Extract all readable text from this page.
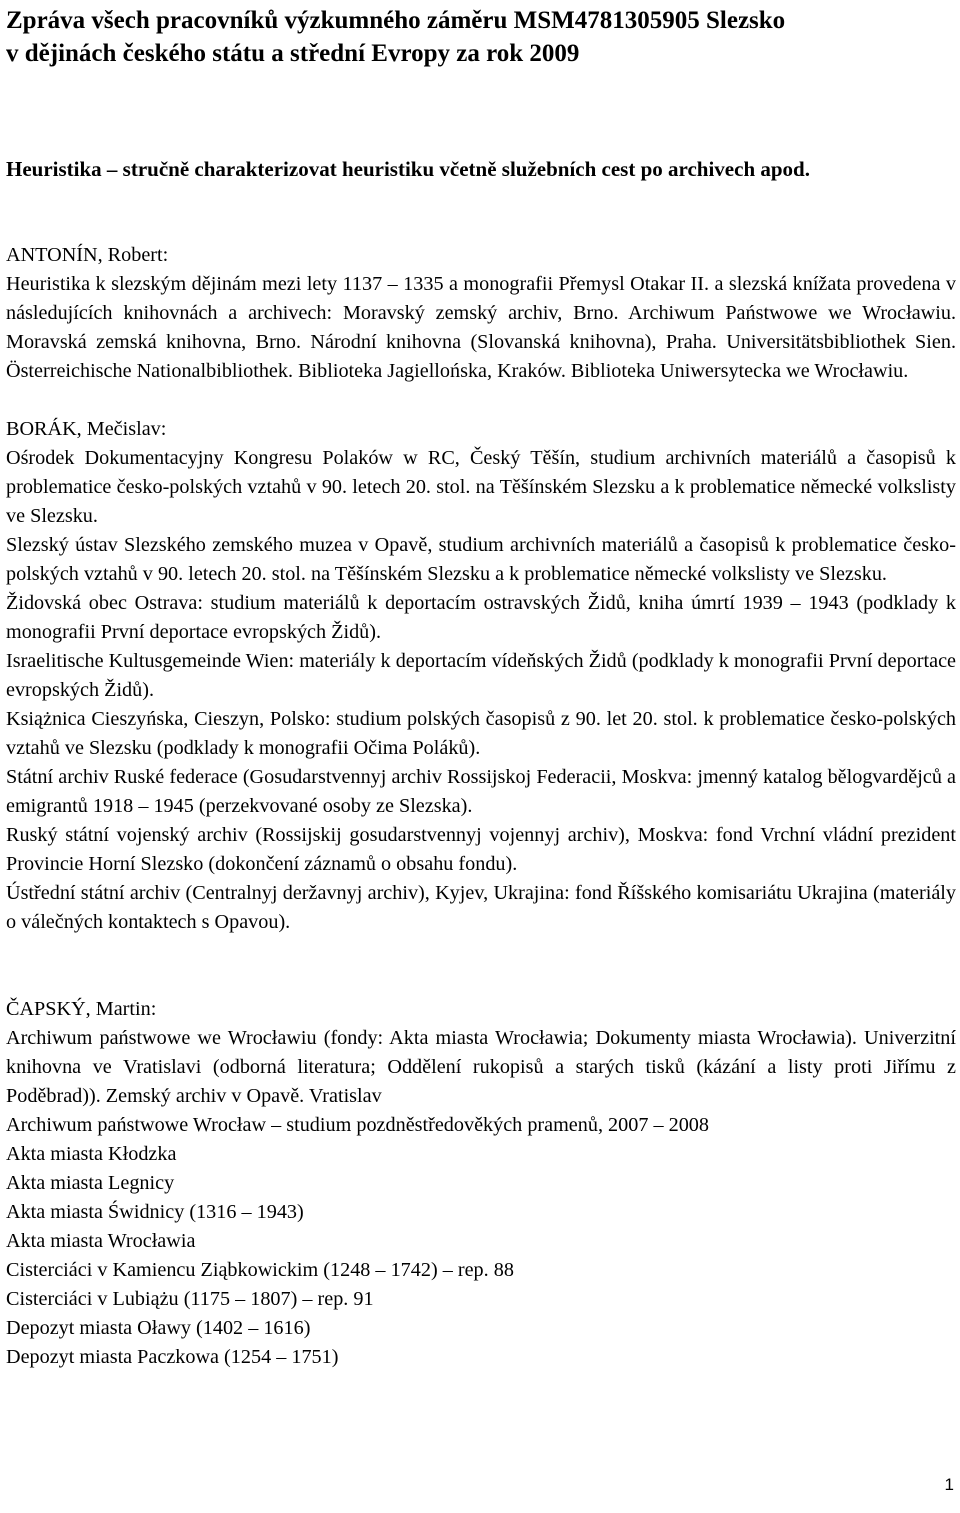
Zpráva všech pracovníků výzkumného záměru MSM4781305905 Slezsko
v dějinách českého státu a střední Evropy za rok 2009

Heuristika – stručně charakterizovat heuristiku včetně služebních cest po archivech apod.

ANTONÍN, Robert:

Heuristika k slezským dějinám mezi lety 1137 – 1335 a monografii Přemysl Otakar II. a slezská knížata provedena v následujících knihovnách a archivech: Moravský zemský archiv, Brno. Archiwum Państwowe we Wrocławiu. Moravská zemská knihovna, Brno. Národní knihovna (Slovanská knihovna), Praha. Universitätsbibliothek Sien. Österreichische Nationalbibliothek. Biblioteka Jagiellońska, Kraków. Biblioteka Uniwersytecka we Wrocławiu.

BORÁK, Mečislav:

Ośrodek Dokumentacyjny Kongresu Polaków w RC, Český Těšín, studium archivních materiálů a časopisů k problematice česko-polských vztahů v 90. letech 20. stol. na Těšínském Slezsku a k problematice německé volkslisty ve Slezsku.

Slezský ústav Slezského zemského muzea v Opavě, studium archivních materiálů a časopisů k problematice česko-polských vztahů v 90. letech 20. stol. na Těšínském Slezsku a k problematice německé volkslisty ve Slezsku.

Židovská obec Ostrava: studium materiálů k deportacím ostravských Židů, kniha úmrtí 1939 – 1943 (podklady k monografii První deportace evropských Židů).

Israelitische Kultusgemeinde Wien: materiály k deportacím vídeňských Židů (podklady k monografii První deportace evropských Židů).

Książnica Cieszyńska, Cieszyn, Polsko: studium polských časopisů z 90. let 20. stol. k problematice česko-polských vztahů ve Slezsku (podklady k monografii Očima Poláků).

Státní archiv Ruské federace (Gosudarstvennyj archiv Rossijskoj Federacii, Moskva: jmenný katalog bělogvardějců a emigrantů 1918 – 1945 (perzekvované osoby ze Slezska).

Ruský státní vojenský archiv (Rossijskij gosudarstvennyj vojennyj archiv), Moskva: fond Vrchní vládní prezident Provincie Horní Slezsko (dokončení záznamů o obsahu fondu).

Ústřední státní archiv (Centralnyj deržavnyj archiv), Kyjev, Ukrajina: fond Říšského komisariátu Ukrajina (materiály o válečných kontaktech s Opavou).

ČAPSKÝ, Martin:

Archiwum państwowe we Wrocławiu (fondy: Akta miasta Wrocławia; Dokumenty miasta Wrocławia). Univerzitní knihovna ve Vratislavi (odborná literatura; Oddělení rukopisů a starých tisků (kázání a listy proti Jiřímu z Poděbrad)). Zemský archiv v Opavě. Vratislav

Archiwum państwowe Wrocław – studium pozdněstředověkých pramenů, 2007 – 2008

Akta miasta Kłodzka

Akta miasta Legnicy

Akta miasta Świdnicy (1316 – 1943)

Akta miasta Wrocławia

Cisterciáci v Kamiencu Ziąbkowickim (1248 – 1742) – rep. 88

Cisterciáci v Lubiążu (1175 – 1807) – rep. 91

Depozyt miasta Oławy (1402 – 1616)

Depozyt miasta Paczkowa (1254 – 1751)

1
